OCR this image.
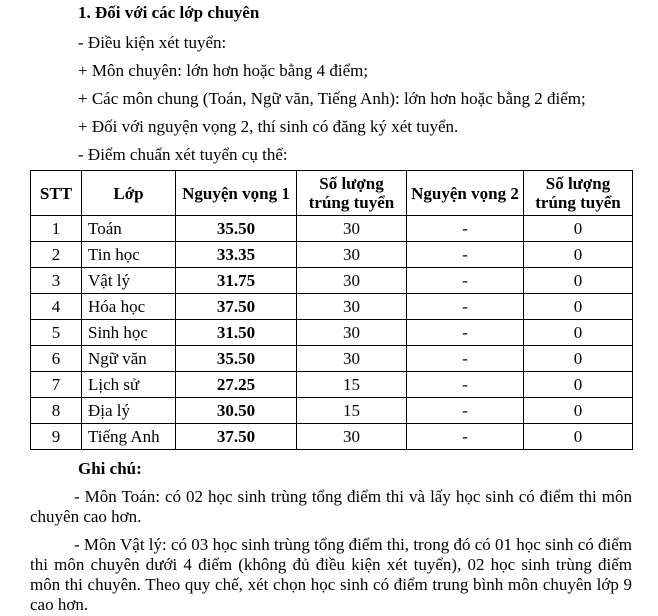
1. Đối với các lớp chuyên
- Điều kiện xét tuyển:
+ Môn chuyên: lớn hơn hoặc bằng 4 điểm;
+ Các môn chung (Toán, Ngữ văn, Tiếng Anh): lớn hơn hoặc bằng 2 điểm;
+ Đối với nguyện vọng 2, thí sinh có đăng ký xét tuyển.
- Điểm chuẩn xét tuyển cụ thể:
STT	Lớp	Nguyện vọng 1	Số lượng trúng tuyển	Nguyện vọng 2	Số lượng trúng tuyển
1	Toán	35.50	30	-	0
2	Tin học	33.35	30	-	0
3	Vật lý	31.75	30	-	0
4	Hóa học	37.50	30	-	0
5	Sinh học	31.50	30	-	0
6	Ngữ văn	35.50	30	-	0
7	Lịch sử	27.25	15	-	0
8	Địa lý	30.50	15	-	0
9	Tiếng Anh	37.50	30	-	0
Ghi chú:
- Môn Toán: có 02 học sinh trùng tổng điểm thi và lấy học sinh có điểm thi môn chuyên cao hơn.
- Môn Vật lý: có 03 học sinh trùng tổng điểm thi, trong đó có 01 học sinh có điểm thi môn chuyên dưới 4 điểm (không đủ điều kiện xét tuyển), 02 học sinh trùng điểm môn thi chuyên. Theo quy chế, xét chọn học sinh có điểm trung bình môn chuyên lớp 9 cao hơn.
